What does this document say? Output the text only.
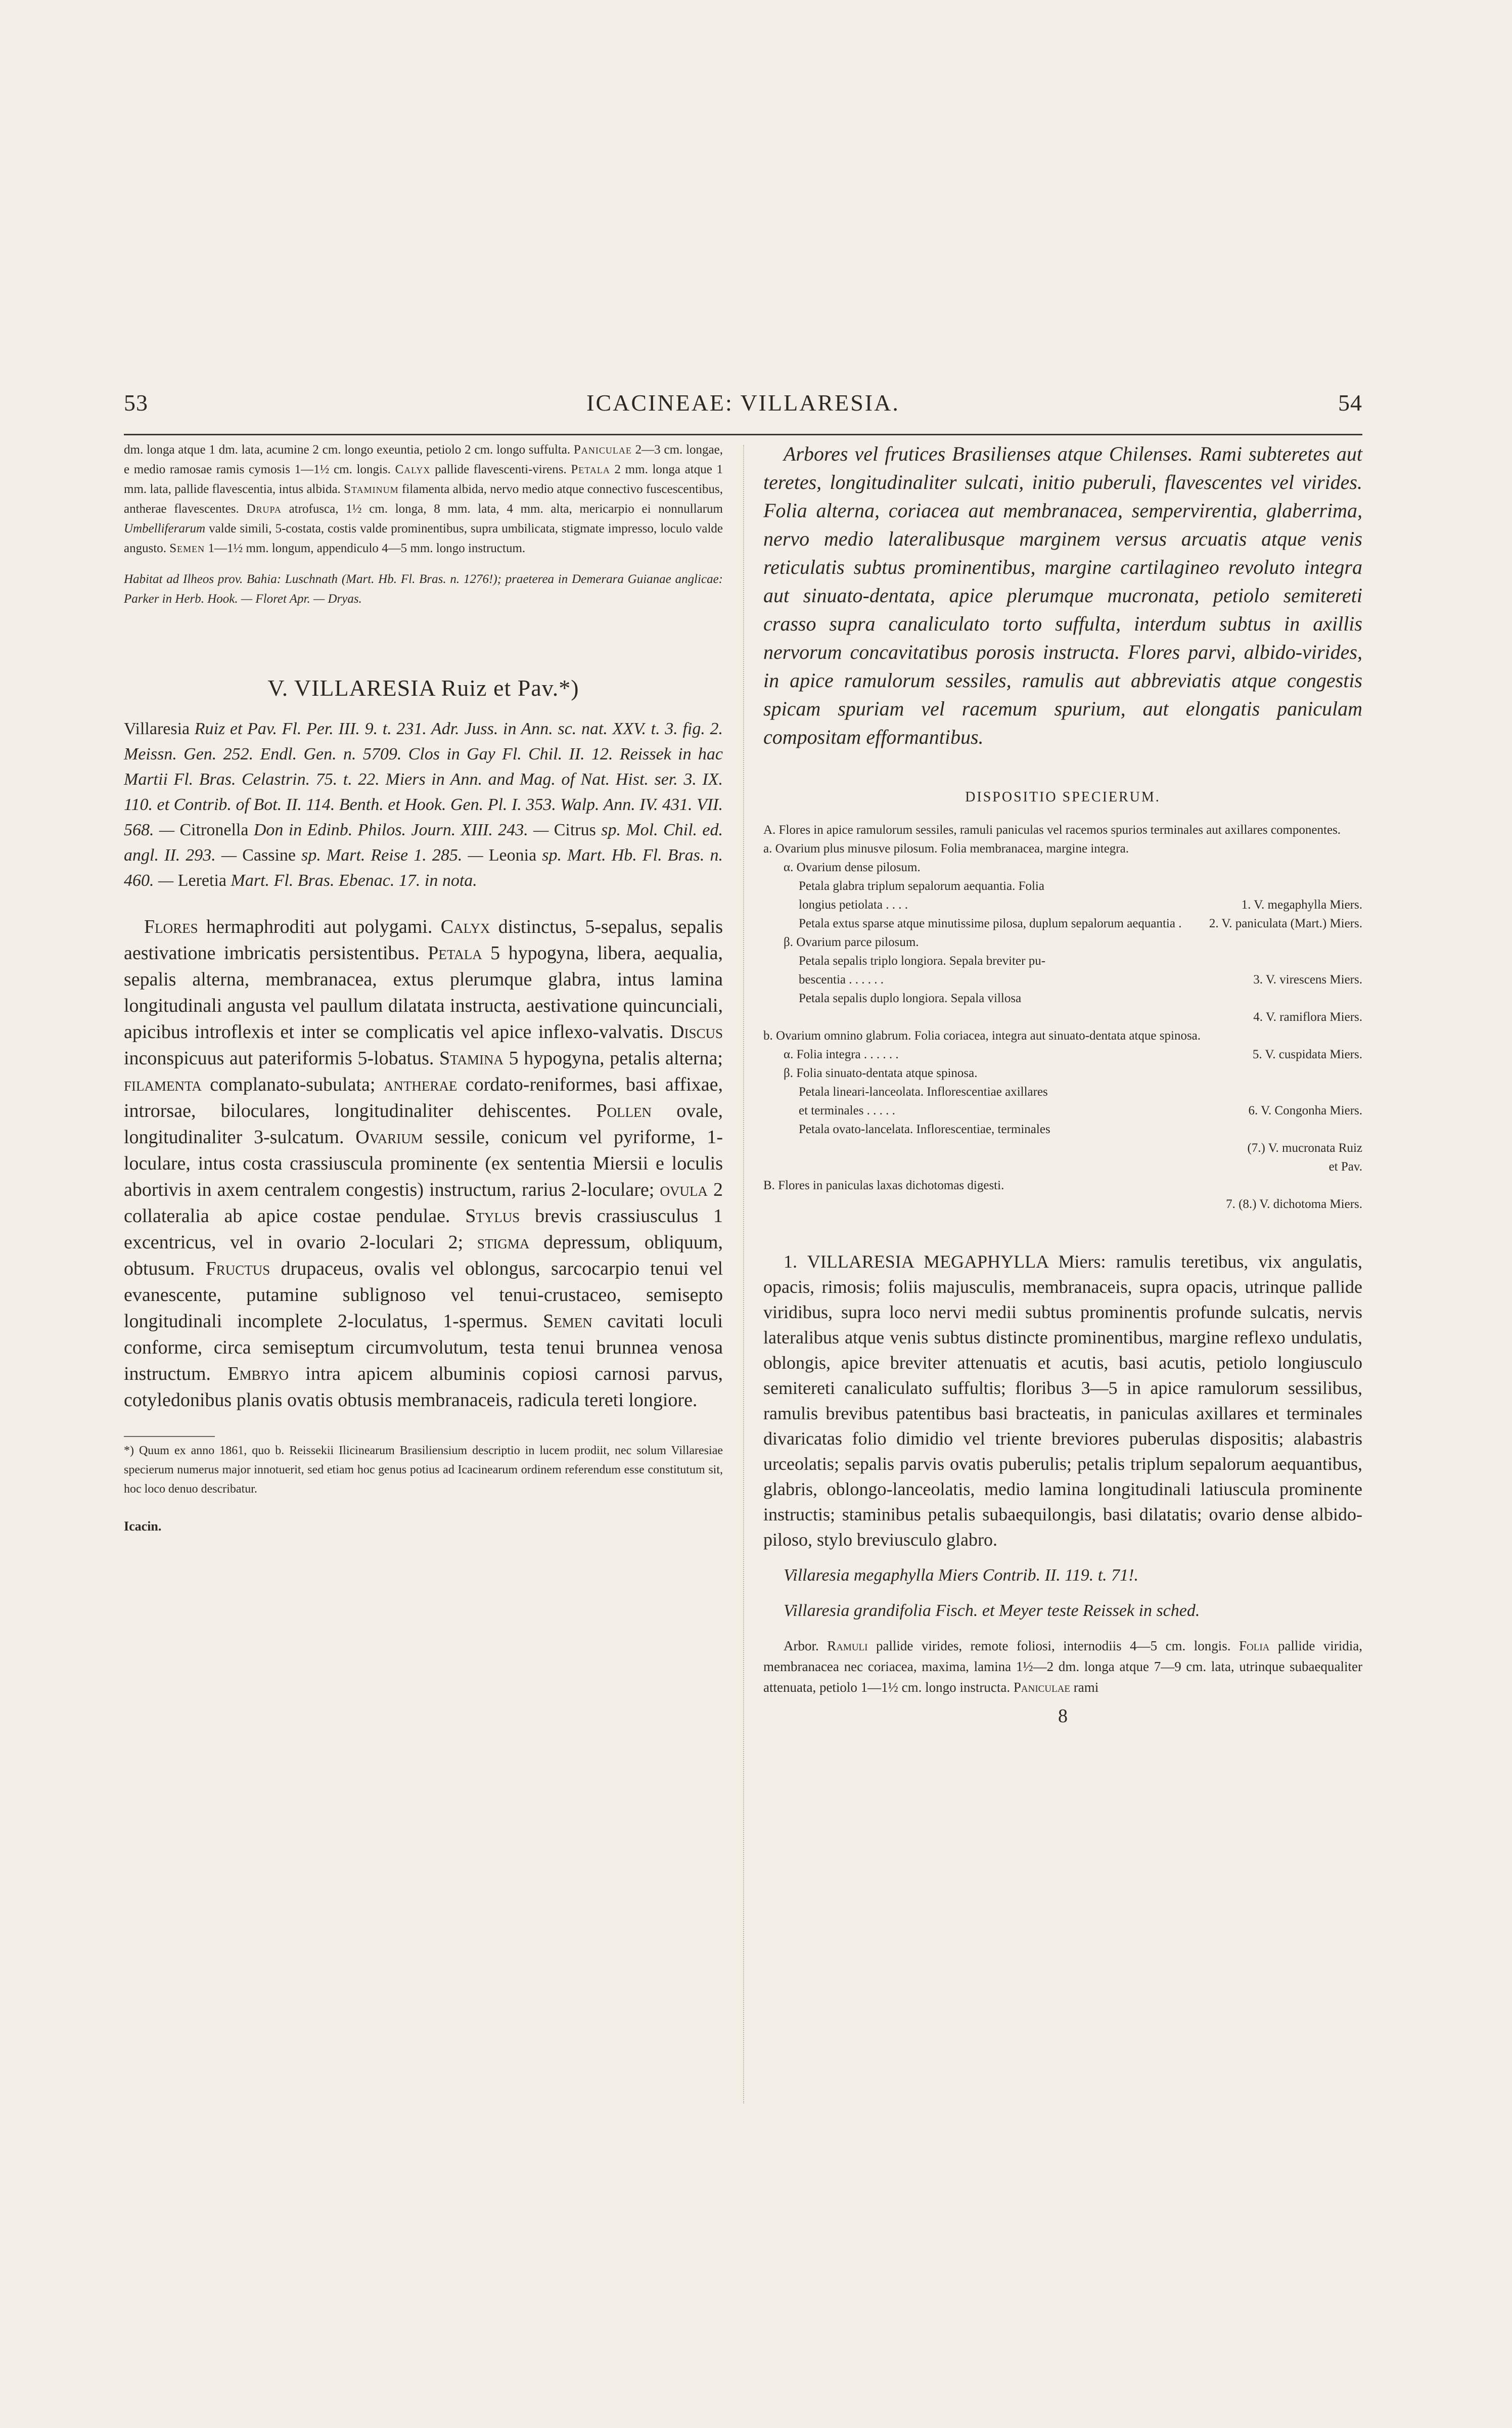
53	ICACINEAE: VILLARESIA.	54

dm. longa atque 1 dm. lata, acumine 2 cm. longo exeuntia, petiolo 2 cm. longo suffulta. Paniculae 2—3 cm. longae, e medio ramosae ramis cymosis 1—1½ cm. longis. Calyx pallide flavescenti-virens. Petala 2 mm. longa atque 1 mm. lata, pallide flavescentia, intus albida. Staminum filamenta albida, nervo medio atque connectivo fuscescentibus, antherae flavescentes. Drupa atrofusca, 1½ cm. longa, 8 mm. lata, 4 mm. alta, mericarpio ei nonnullarum Umbelliferarum valde simili, 5-costata, costis valde prominentibus, supra umbilicata, stigmate impresso, loculo valde angusto. Semen 1—1½ mm. longum, appendiculo 4—5 mm. longo instructum.

Habitat ad Ilheos prov. Bahia: Luschnath (Mart. Hb. Fl. Bras. n. 1276!); praeterea in Demerara Guianae anglicae: Parker in Herb. Hook. — Floret Apr. — Dryas.

V. VILLARESIA Ruiz et Pav.*)

Villaresia Ruiz et Pav. Fl. Per. III. 9. t. 231. Adr. Juss. in Ann. sc. nat. XXV. t. 3. fig. 2. Meissn. Gen. 252. Endl. Gen. n. 5709. Clos in Gay Fl. Chil. II. 12. Reissek in hac Martii Fl. Bras. Celastrin. 75. t. 22. Miers in Ann. and Mag. of Nat. Hist. ser. 3. IX. 110. et Contrib. of Bot. II. 114. Benth. et Hook. Gen. Pl. I. 353. Walp. Ann. IV. 431. VII. 568. — Citronella Don in Edinb. Philos. Journ. XIII. 243. — Citrus sp. Mol. Chil. ed. angl. II. 293. — Cassine sp. Mart. Reise 1. 285. — Leonia sp. Mart. Hb. Fl. Bras. n. 460. — Leretia Mart. Fl. Bras. Ebenac. 17. in nota.

Flores hermaphroditi aut polygami. Calyx distinctus, 5-sepalus, sepalis aestivatione imbricatis persistentibus. Petala 5 hypogyna, libera, aequalia, sepalis alterna, membranacea, extus plerumque glabra, intus lamina longitudinali angusta vel paullum dilatata instructa, aestivatione quincunciali, apicibus introflexis et inter se complicatis vel apice inflexo-valvatis. Discus inconspicuus aut pateriformis 5-lobatus. Stamina 5 hypogyna, petalis alterna; filamenta complanato-subulata; antherae cordato-reniformes, basi affixae, introrsae, biloculares, longitudinaliter dehiscentes. Pollen ovale, longitudinaliter 3-sulcatum. Ovarium sessile, conicum vel pyriforme, 1-loculare, intus costa crassiuscula prominente (ex sententia Miersii e loculis abortivis in axem centralem congestis) instructum, rarius 2-loculare; ovula 2 collateralia ab apice costae pendulae. Stylus brevis crassiusculus 1 excentricus, vel in ovario 2-loculari 2; stigma depressum, obliquum, obtusum. Fructus drupaceus, ovalis vel oblongus, sarcocarpio tenui vel evanescente, putamine sublignoso vel tenui-crustaceo, semisepto longitudinali incomplete 2-loculatus, 1-spermus. Semen cavitati loculi conforme, circa semiseptum circumvolutum, testa tenui brunnea venosa instructum. Embryo intra apicem albuminis copiosi carnosi parvus, cotyledonibus planis ovatis obtusis membranaceis, radicula tereti longiore.

*) Quum ex anno 1861, quo b. Reissekii Ilicinearum Brasiliensium descriptio in lucem prodiit, nec solum Villaresiae specierum numerus major innotuerit, sed etiam hoc genus potius ad Icacinearum ordinem referendum esse constitutum sit, hoc loco denuo describatur.

Icacin.

Arbores vel frutices Brasilienses atque Chilenses. Rami subteretes aut teretes, longitudinaliter sulcati, initio puberuli, flavescentes vel virides. Folia alterna, coriacea aut membranacea, sempervirentia, glaberrima, nervo medio lateralibusque marginem versus arcuatis atque venis reticulatis subtus prominentibus, margine cartilagineo revoluto integra aut sinuato-dentata, apice plerumque mucronata, petiolo semitereti crasso supra canaliculato torto suffulta, interdum subtus in axillis nervorum concavitatibus porosis instructa. Flores parvi, albido-virides, in apice ramulorum sessiles, ramulis aut abbreviatis atque congestis spicam spuriam vel racemum spurium, aut elongatis paniculam compositam efformantibus.

DISPOSITIO SPECIERUM.
A. Flores in apice ramulorum sessiles, ramuli paniculas vel racemos spurios terminales aut axillares componentes.
a. Ovarium plus minusve pilosum. Folia membranacea, margine integra.
α. Ovarium dense pilosum.
Petala glabra triplum sepalorum aequantia. Folia
longius petiolata . . . .	1. V. megaphylla Miers.
Petala extus sparse atque minutissime pilosa, duplum sepalorum aequantia . 2. V. paniculata (Mart.) Miers.
β. Ovarium parce pilosum.
Petala sepalis triplo longiora. Sepala breviter pu-
bescentia . . . . . .	3. V. virescens Miers.
Petala sepalis duplo longiora. Sepala villosa
4. V. ramiflora Miers.
b. Ovarium omnino glabrum. Folia coriacea, integra aut sinuato-dentata atque spinosa.
α. Folia integra . . . . . .	5. V. cuspidata Miers.
β. Folia sinuato-dentata atque spinosa.
Petala lineari-lanceolata. Inflorescentiae axillares
et terminales . . . . .	6. V. Congonha Miers.
Petala ovato-lancelata. Inflorescentiae, terminales
(7.) V. mucronata Ruiz
et Pav.
B. Flores in paniculas laxas dichotomas digesti.
7. (8.) V. dichotoma Miers.

1. VILLARESIA MEGAPHYLLA Miers: ramulis teretibus, vix angulatis, opacis, rimosis; foliis majusculis, membranaceis, supra opacis, utrinque pallide viridibus, supra loco nervi medii subtus prominentis profunde sulcatis, nervis lateralibus atque venis subtus distincte prominentibus, margine reflexo undulatis, oblongis, apice breviter attenuatis et acutis, basi acutis, petiolo longiusculo semitereti canaliculato suffultis; floribus 3—5 in apice ramulorum sessilibus, ramulis brevibus patentibus basi bracteatis, in paniculas axillares et terminales divaricatas folio dimidio vel triente breviores puberulas dispositis; alabastris urceolatis; sepalis parvis ovatis puberulis; petalis triplum sepalorum aequantibus, glabris, oblongo-lanceolatis, medio lamina longitudinali latiuscula prominente instructis; staminibus petalis subaequilongis, basi dilatatis; ovario dense albido-piloso, stylo breviusculo glabro.

Villaresia megaphylla Miers Contrib. II. 119. t. 71!.
Villaresia grandifolia Fisch. et Meyer teste Reissek in sched.

Arbor. Ramuli pallide virides, remote foliosi, internodiis 4—5 cm. longis. Folia pallide viridia, membranacea nec coriacea, maxima, lamina 1½—2 dm. longa atque 7—9 cm. lata, utrinque subaequaliter attenuata, petiolo 1—1½ cm. longo instructa. Paniculae rami

8
